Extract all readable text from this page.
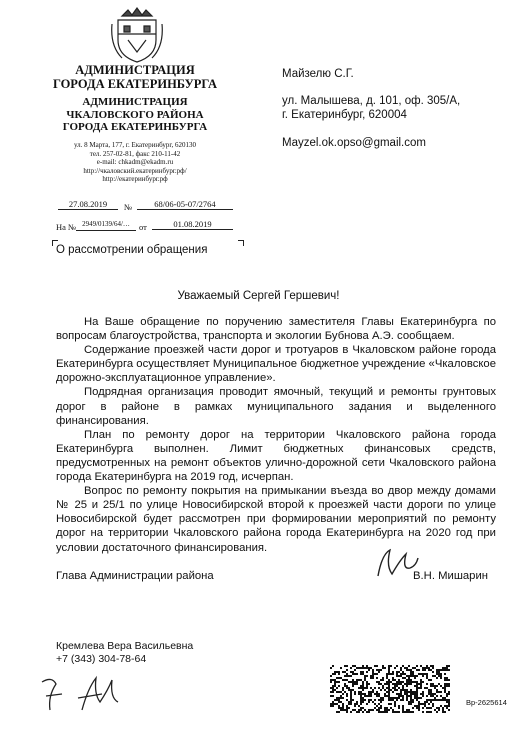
АДМИНИСТРАЦИЯ
ГОРОДА ЕКАТЕРИНБУРГА
АДМИНИСТРАЦИЯ
ЧКАЛОВСКОГО РАЙОНА
ГОРОДА ЕКАТЕРИНБУРГА
ул. 8 Марта, 177, г. Екатеринбург, 620130
тел. 257-02-81, факс 210-11-42
e-mail: chkadm@ekadm.ru
http://чкаловский.екатеринбург.рф/
http://екатеринбург.рф
27.08.2019	№	68/06-05-07/2764
На № 2949/0139/64/…	от	01.08.2019
Майзелю С.Г.
ул. Малышева, д. 101, оф. 305/А,
г. Екатеринбург, 620004
Mayzel.ok.opso@gmail.com
О рассмотрении обращения
Уважаемый Сергей Гершевич!

На Ваше обращение по поручению заместителя Главы Екатеринбурга по вопросам благоустройства, транспорта и экологии Бубнова А.Э. сообщаем.

Содержание проезжей части дорог и тротуаров в Чкаловском районе города Екатеринбурга осуществляет Муниципальное бюджетное учреждение «Чкаловское дорожно-эксплуатационное управление».

Подрядная организация проводит ямочный, текущий и ремонты грунтовых дорог в районе в рамках муниципального задания и выделенного финансирования.

План по ремонту дорог на территории Чкаловского района города Екатеринбурга выполнен. Лимит бюджетных финансовых средств, предусмотренных на ремонт объектов улично-дорожной сети Чкаловского района города Екатеринбурга на 2019 год, исчерпан.

Вопрос по ремонту покрытия на примыкании въезда во двор между домами № 25 и 25/1 по улице Новосибирской второй к проезжей части дороги по улице Новосибирской будет рассмотрен при формировании мероприятий по ремонту дорог на территории Чкаловского района города Екатеринбурга на 2020 год при условии достаточного финансирования.

Глава Администрации района	В.Н. Мишарин
Кремлева Вера Васильевна
+7 (343) 304-78-64
Вр-2625614
